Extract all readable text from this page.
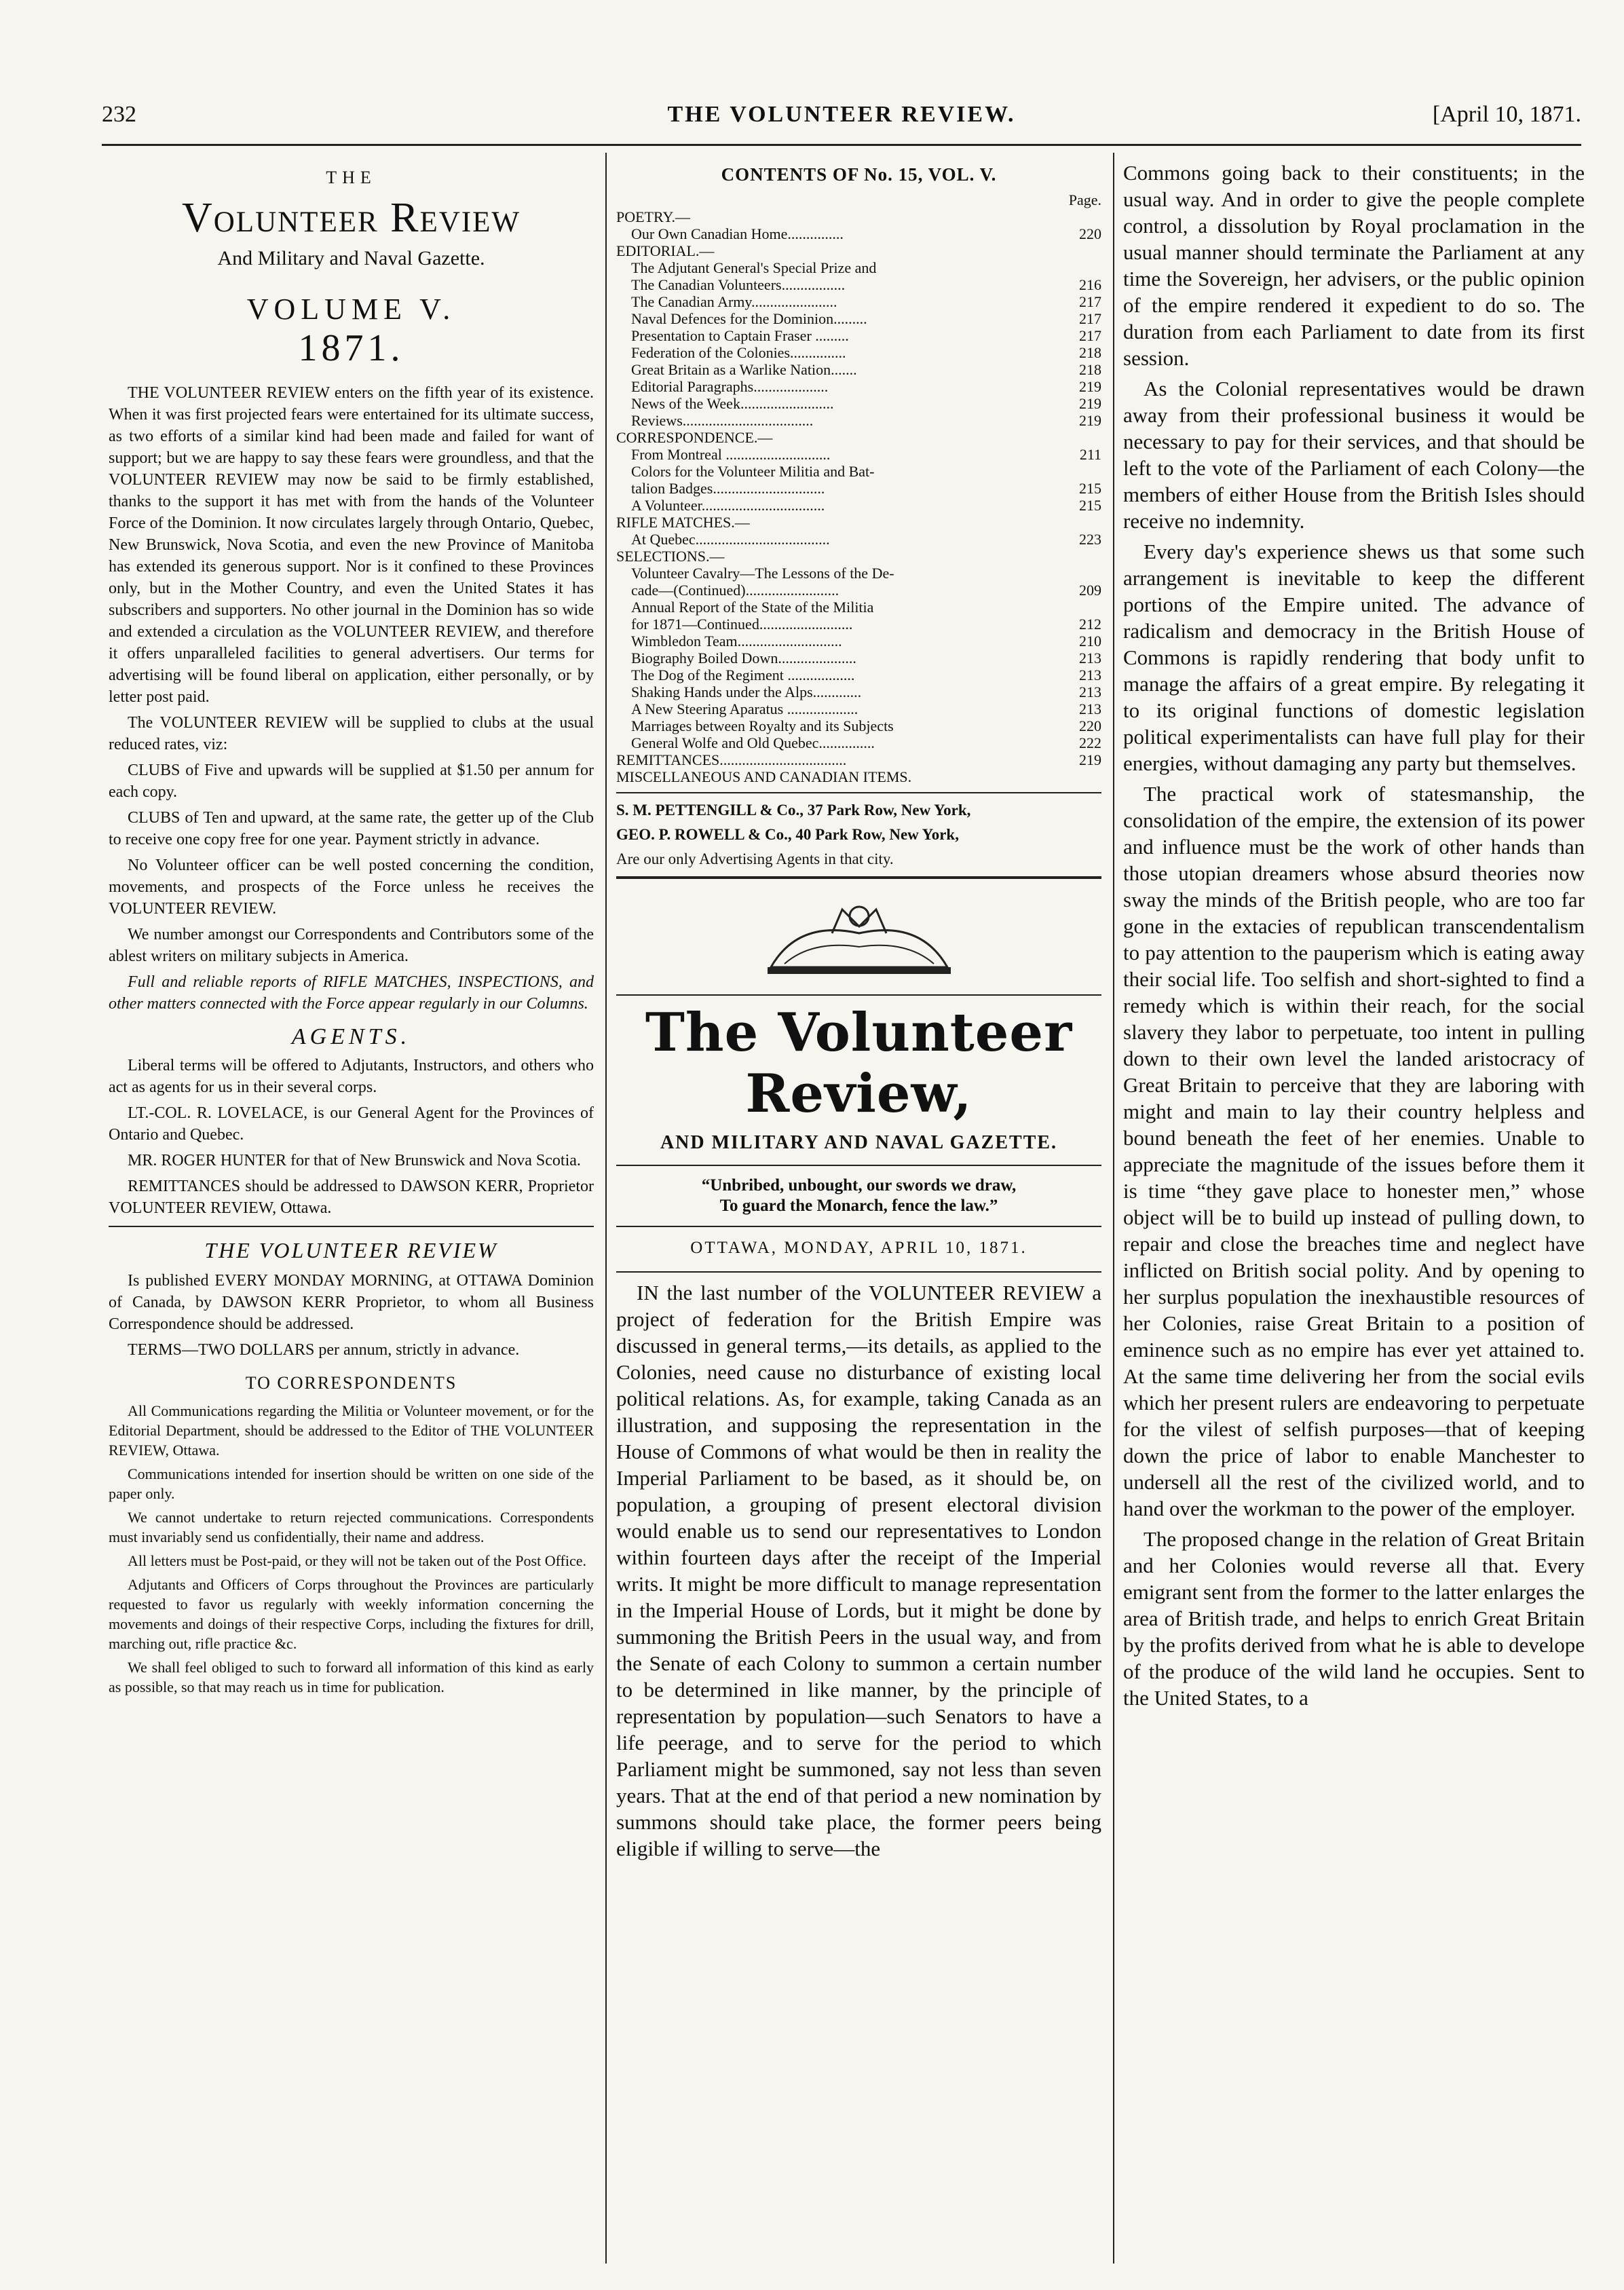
232	THE VOLUNTEER REVIEW.	[April 10, 1871.
THE
Volunteer Review
And Military and Naval Gazette.
VOLUME V.
1871.

THE VOLUNTEER REVIEW enters on the fifth year of its existence. When it was first projected fears were entertained for its ultimate success, as two efforts of a similar kind had been made and failed for want of support; but we are happy to say these fears were groundless, and that the VOLUNTEER REVIEW may now be said to be firmly established, thanks to the support it has met with from the hands of the Volunteer Force of the Dominion. It now circulates largely through Ontario, Quebec, New Brunswick, Nova Scotia, and even the new Province of Manitoba has extended its generous support. Nor is it confined to these Provinces only, but in the Mother Country, and even the United States it has subscribers and supporters. No other journal in the Dominion has so wide and extended a circulation as the VOLUNTEER REVIEW, and therefore it offers unparalleled facilities to general advertisers. Our terms for advertising will be found liberal on application, either personally, or by letter post paid.

The VOLUNTEER REVIEW will be supplied to clubs at the usual reduced rates, viz:

CLUBS of Five and upwards will be supplied at $1.50 per annum for each copy.

CLUBS of Ten and upward, at the same rate, the getter up of the Club to receive one copy free for one year. Payment strictly in advance.

No Volunteer officer can be well posted concerning the condition, movements, and prospects of the Force unless he receives the VOLUNTEER REVIEW.

We number amongst our Correspondents and Contributors some of the ablest writers on military subjects in America.

Full and reliable reports of RIFLE MATCHES, INSPECTIONS, and other matters connected with the Force appear regularly in our Columns.

AGENTS.

Liberal terms will be offered to Adjutants, Instructors, and others who act as agents for us in their several corps.

LT.-COL. R. LOVELACE, is our General Agent for the Provinces of Ontario and Quebec.

MR. ROGER HUNTER for that of New Brunswick and Nova Scotia.

REMITTANCES should be addressed to DAWSON KERR, Proprietor VOLUNTEER REVIEW, Ottawa.

THE VOLUNTEER REVIEW

Is published EVERY MONDAY MORNING, at OTTAWA Dominion of Canada, by DAWSON KERR Proprietor, to whom all Business Correspondence should be addressed.

TERMS—TWO DOLLARS per annum, strictly in advance.

TO CORRESPONDENTS

All Communications regarding the Militia or Volunteer movement, or for the Editorial Department, should be addressed to the Editor of THE VOLUNTEER REVIEW, Ottawa.

Communications intended for insertion should be written on one side of the paper only.

We cannot undertake to return rejected communications. Correspondents must invariably send us confidentially, their name and address.

All letters must be Post-paid, or they will not be taken out of the Post Office.

Adjutants and Officers of Corps throughout the Provinces are particularly requested to favor us regularly with weekly information concerning the movements and doings of their respective Corps, including the fixtures for drill, marching out, rifle practice &c.

We shall feel obliged to such to forward all information of this kind as early as possible, so that may reach us in time for publication.

CONTENTS OF No. 15, VOL. V.
Page.
POETRY.—
Our Own Canadian Home...............	220
EDITORIAL.—
The Adjutant General's Special Prize and
The Canadian Volunteers.................	216
The Canadian Army.......................	217
Naval Defences for the Dominion.........	217
Presentation to Captain Fraser .........	217
Federation of the Colonies...............	218
Great Britain as a Warlike Nation.......	218
Editorial Paragraphs....................	219
News of the Week.........................	219
Reviews...................................	219
CORRESPONDENCE.—
From Montreal ............................	211
Colors for the Volunteer Militia and Bat-
talion Badges..............................	215
A Volunteer.................................	215
RIFLE MATCHES.—
At Quebec....................................	223
SELECTIONS.—
Volunteer Cavalry—The Lessons of the De-
cade—(Continued).........................	209
Annual Report of the State of the Militia
for 1871—Continued.........................	212
Wimbledon Team............................	210
Biography Boiled Down.....................	213
The Dog of the Regiment ..................	213
Shaking Hands under the Alps.............	213
A New Steering Aparatus ...................	213
Marriages between Royalty and its Subjects	220
General Wolfe and Old Quebec...............	222
REMITTANCES..................................	219
MISCELLANEOUS AND CANADIAN ITEMS.

S. M. PETTENGILL & Co., 37 Park Row, New York,

GEO. P. ROWELL & Co., 40 Park Row, New York,

Are our only Advertising Agents in that city.

The Volunteer Review,
AND MILITARY AND NAVAL GAZETTE.
“Unbribed, unbought, our swords we draw,
To guard the Monarch, fence the law.”
OTTAWA, MONDAY, APRIL 10, 1871.

IN the last number of the VOLUNTEER REVIEW a project of federation for the British Empire was discussed in general terms,—its details, as applied to the Colonies, need cause no disturbance of existing local political relations. As, for example, taking Canada as an illustration, and supposing the representation in the House of Commons of what would be then in reality the Imperial Parliament to be based, as it should be, on population, a grouping of present electoral division would enable us to send our representatives to London within fourteen days after the receipt of the Imperial writs. It might be more difficult to manage representation in the Imperial House of Lords, but it might be done by summoning the British Peers in the usual way, and from the Senate of each Colony to summon a certain number to be determined in like manner, by the principle of representation by population—such Senators to have a life peerage, and to serve for the period to which Parliament might be summoned, say not less than seven years. That at the end of that period a new nomination by summons should take place, the former peers being eligible if willing to serve—the

Commons going back to their constituents; in the usual way. And in order to give the people complete control, a dissolution by Royal proclamation in the usual manner should terminate the Parliament at any time the Sovereign, her advisers, or the public opinion of the empire rendered it expedient to do so. The duration from each Parliament to date from its first session.

As the Colonial representatives would be drawn away from their professional business it would be necessary to pay for their services, and that should be left to the vote of the Parliament of each Colony—the members of either House from the British Isles should receive no indemnity.

Every day's experience shews us that some such arrangement is inevitable to keep the different portions of the Empire united. The advance of radicalism and democracy in the British House of Commons is rapidly rendering that body unfit to manage the affairs of a great empire. By relegating it to its original functions of domestic legislation political experimentalists can have full play for their energies, without damaging any party but themselves.

The practical work of statesmanship, the consolidation of the empire, the extension of its power and influence must be the work of other hands than those utopian dreamers whose absurd theories now sway the minds of the British people, who are too far gone in the extacies of republican transcendentalism to pay attention to the pauperism which is eating away their social life. Too selfish and short-sighted to find a remedy which is within their reach, for the social slavery they labor to perpetuate, too intent in pulling down to their own level the landed aristocracy of Great Britain to perceive that they are laboring with might and main to lay their country helpless and bound beneath the feet of her enemies. Unable to appreciate the magnitude of the issues before them it is time “they gave place to honester men,” whose object will be to build up instead of pulling down, to repair and close the breaches time and neglect have inflicted on British social polity. And by opening to her surplus population the inexhaustible resources of her Colonies, raise Great Britain to a position of eminence such as no empire has ever yet attained to. At the same time delivering her from the social evils which her present rulers are endeavoring to perpetuate for the vilest of selfish purposes—that of keeping down the price of labor to enable Manchester to undersell all the rest of the civilized world, and to hand over the workman to the power of the employer.

The proposed change in the relation of Great Britain and her Colonies would reverse all that. Every emigrant sent from the former to the latter enlarges the area of British trade, and helps to enrich Great Britain by the profits derived from what he is able to develope of the produce of the wild land he occupies. Sent to the United States, to a
